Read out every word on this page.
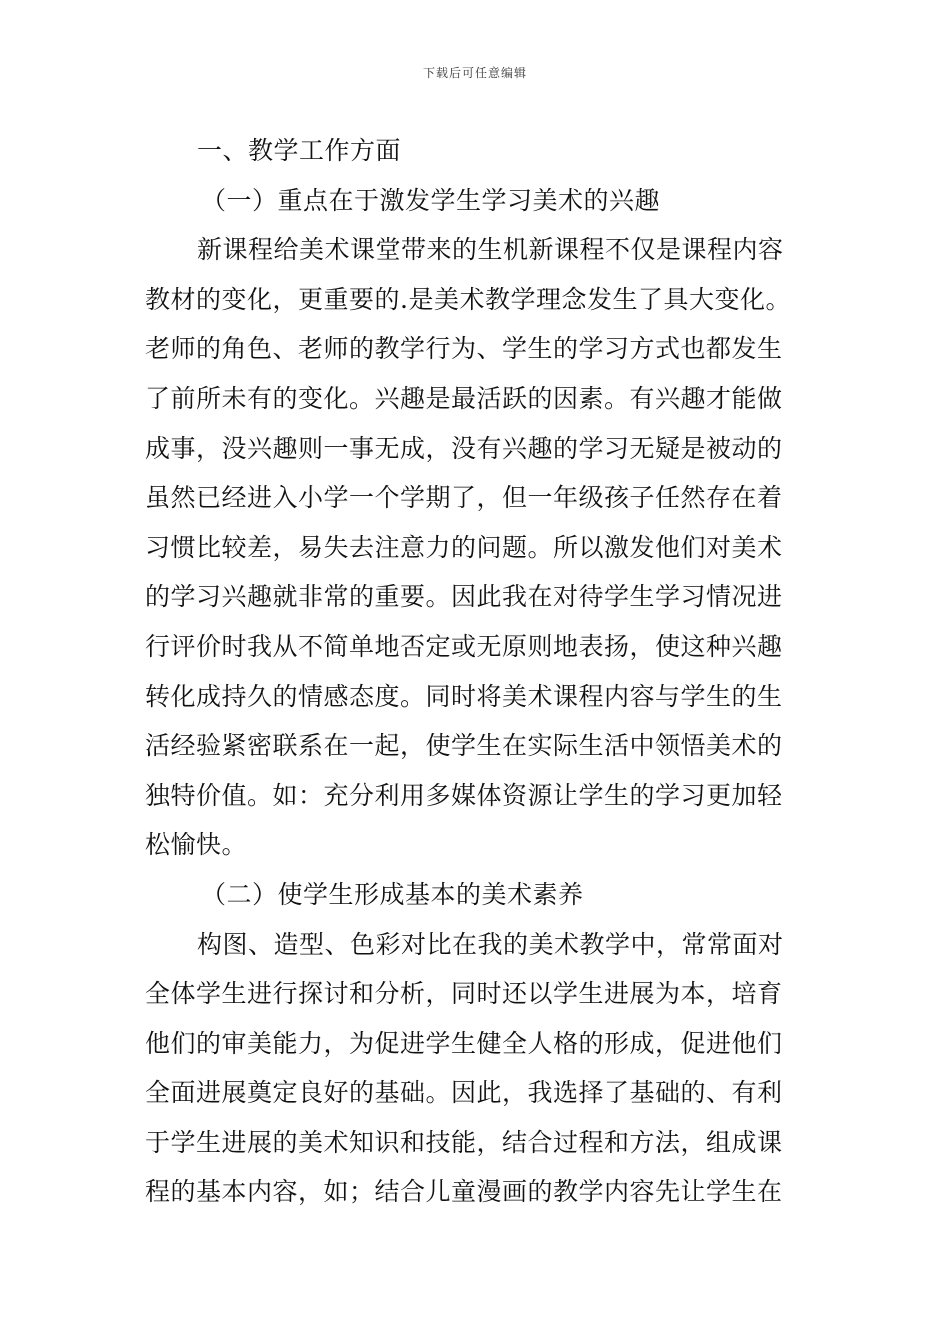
下载后可任意编辑
一、教学工作方面
（一）重点在于激发学生学习美术的兴趣
新课程给美术课堂带来的生机新课程不仅是课程内容
教材的变化，更重要的.是美术教学理念发生了具大变化。
老师的角色、老师的教学行为、学生的学习方式也都发生
了前所未有的变化。兴趣是最活跃的因素。有兴趣才能做
成事，没兴趣则一事无成，没有兴趣的学习无疑是被动的
虽然已经进入小学一个学期了，但一年级孩子任然存在着
习惯比较差，易失去注意力的问题。所以激发他们对美术
的学习兴趣就非常的重要。因此我在对待学生学习情况进
行评价时我从不简单地否定或无原则地表扬，使这种兴趣
转化成持久的情感态度。同时将美术课程内容与学生的生
活经验紧密联系在一起，使学生在实际生活中领悟美术的
独特价值。如：充分利用多媒体资源让学生的学习更加轻
松愉快。
（二）使学生形成基本的美术素养
构图、造型、色彩对比在我的美术教学中，常常面对
全体学生进行探讨和分析，同时还以学生进展为本，培育
他们的审美能力，为促进学生健全人格的形成，促进他们
全面进展奠定良好的基础。因此，我选择了基础的、有利
于学生进展的美术知识和技能，结合过程和方法，组成课
程的基本内容，如；结合儿童漫画的教学内容先让学生在
